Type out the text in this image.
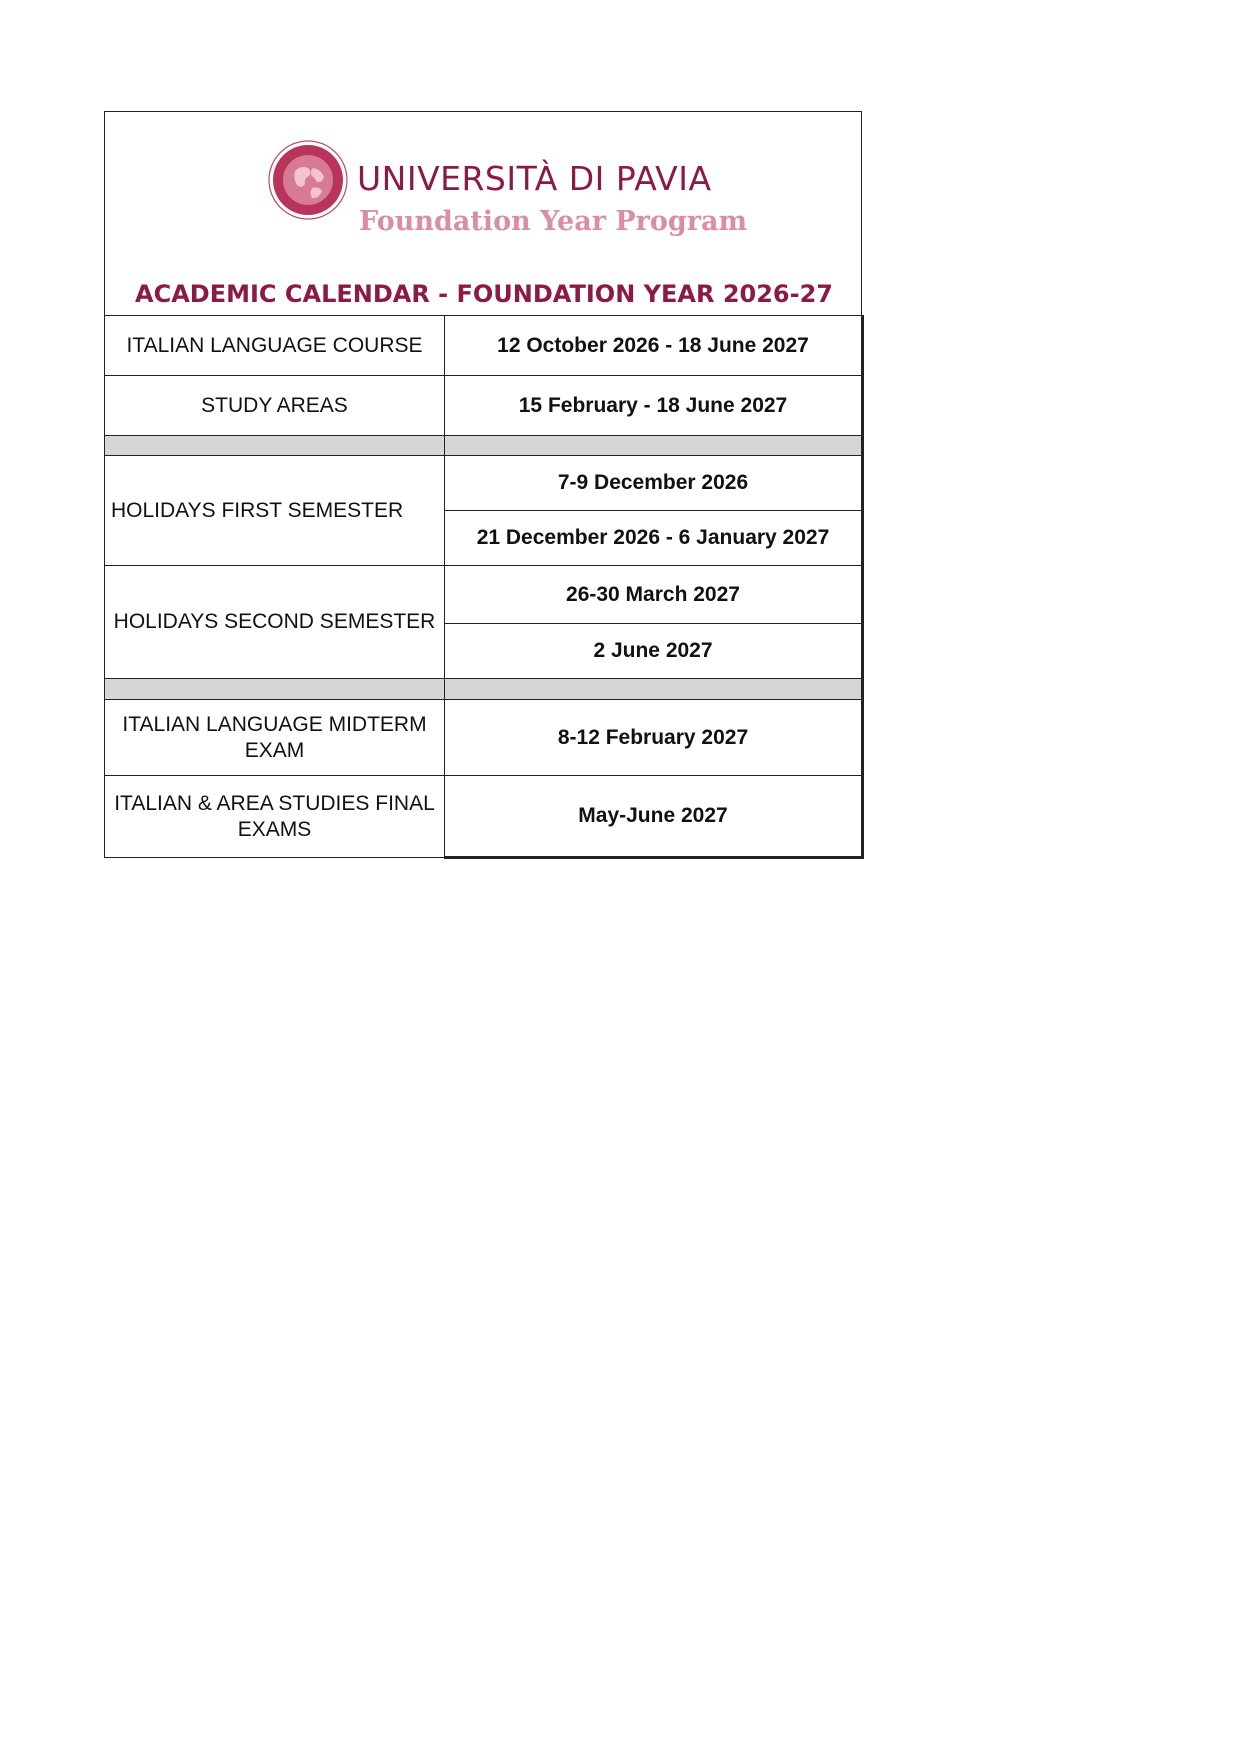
UNIVERSITÀ DI PAVIA
Foundation Year Program
ACADEMIC CALENDAR - FOUNDATION YEAR 2026-27
ITALIAN LANGUAGE COURSE	12 October 2026 - 18 June 2027
STUDY AREAS	15 February - 18 June 2027

HOLIDAYS FIRST SEMESTER	7-9 December 2026
	21 December 2026 - 6 January 2027
HOLIDAYS SECOND SEMESTER	26-30 March 2027
	2 June 2027

ITALIAN LANGUAGE MIDTERM EXAM	8-12 February 2027
ITALIAN & AREA STUDIES FINAL EXAMS	May-June 2027
